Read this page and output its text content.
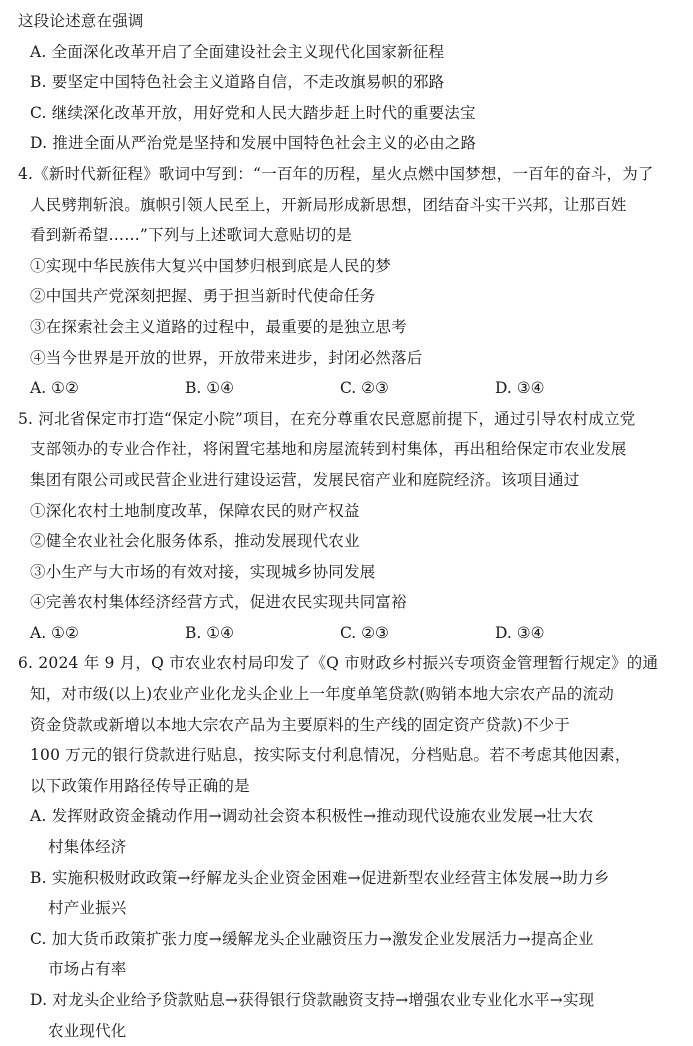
这段论述意在强调
A. 全面深化改革开启了全面建设社会主义现代化国家新征程
B. 要坚定中国特色社会主义道路自信，不走改旗易帜的邪路
C. 继续深化改革开放，用好党和人民大踏步赶上时代的重要法宝
D. 推进全面从严治党是坚持和发展中国特色社会主义的必由之路
4.《新时代新征程》歌词中写到：“一百年的历程，星火点燃中国梦想，一百年的奋斗，为了
人民劈荆斩浪。旗帜引领人民至上，开新局形成新思想，团结奋斗实干兴邦，让那百姓
看到新希望……”下列与上述歌词大意贴切的是
①实现中华民族伟大复兴中国梦归根到底是人民的梦
②中国共产党深刻把握、勇于担当新时代使命任务
③在探索社会主义道路的过程中，最重要的是独立思考
④当今世界是开放的世界，开放带来进步，封闭必然落后
A. ①②	B. ①④	C. ②③	D. ③④
5. 河北省保定市打造“保定小院”项目，在充分尊重农民意愿前提下，通过引导农村成立党
支部领办的专业合作社，将闲置宅基地和房屋流转到村集体，再出租给保定市农业发展
集团有限公司或民营企业进行建设运营，发展民宿产业和庭院经济。该项目通过
①深化农村土地制度改革，保障农民的财产权益
②健全农业社会化服务体系，推动发展现代农业
③小生产与大市场的有效对接，实现城乡协同发展
④完善农村集体经济经营方式，促进农民实现共同富裕
A. ①②	B. ①④	C. ②③	D. ③④
6. 2024 年 9 月，Q 市农业农村局印发了《Q 市财政乡村振兴专项资金管理暂行规定》的通
知，对市级(以上)农业产业化龙头企业上一年度单笔贷款(购销本地大宗农产品的流动
资金贷款或新增以本地大宗农产品为主要原料的生产线的固定资产贷款)不少于
100 万元的银行贷款进行贴息，按实际支付利息情况，分档贴息。若不考虑其他因素，
以下政策作用路径传导正确的是
A. 发挥财政资金撬动作用→调动社会资本积极性→推动现代设施农业发展→壮大农
村集体经济
B. 实施积极财政政策→纾解龙头企业资金困难→促进新型农业经营主体发展→助力乡
村产业振兴
C. 加大货币政策扩张力度→缓解龙头企业融资压力→激发企业发展活力→提高企业
市场占有率
D. 对龙头企业给予贷款贴息→获得银行贷款融资支持→增强农业专业化水平→实现
农业现代化
